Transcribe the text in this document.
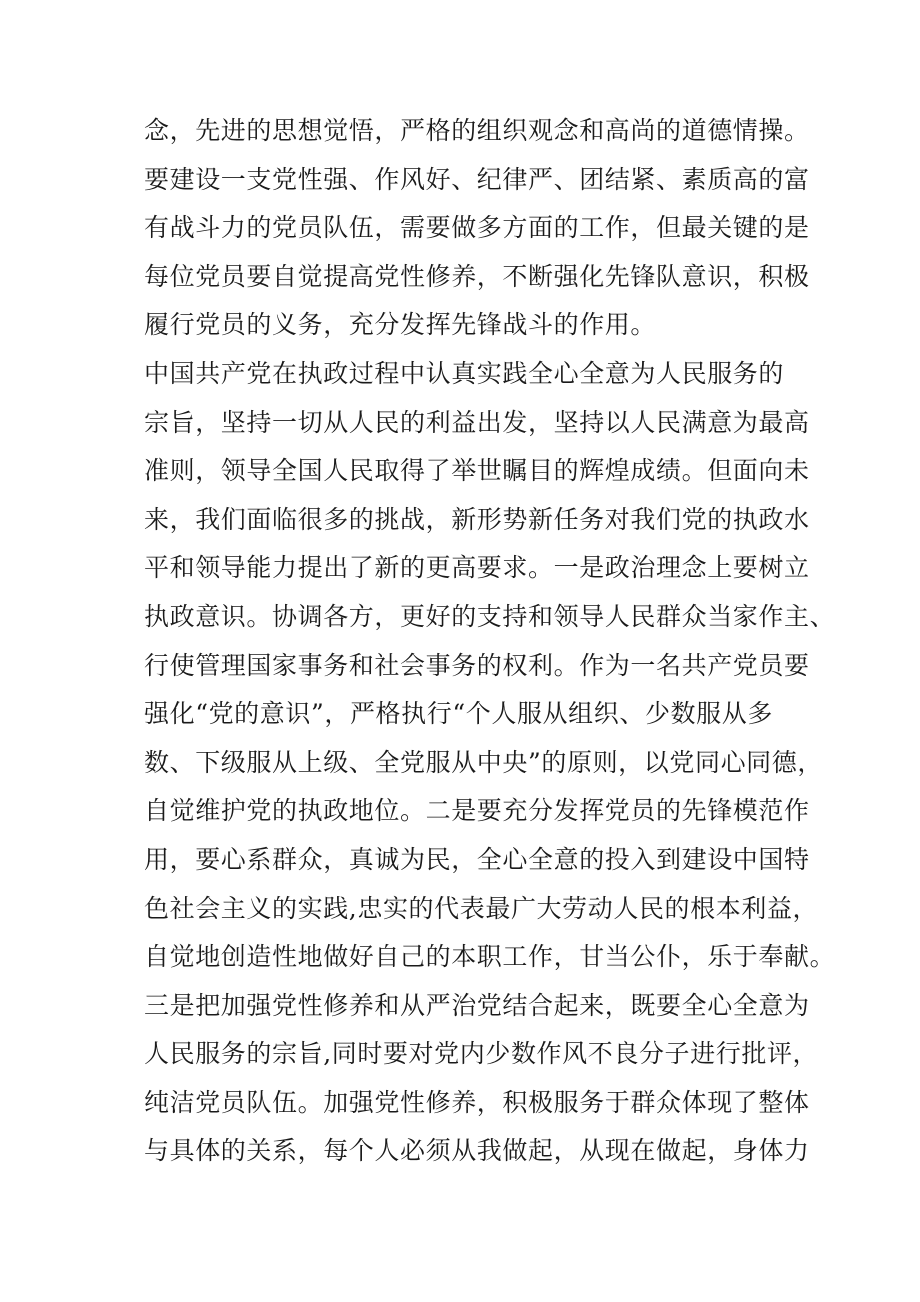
念，先进的思想觉悟，严格的组织观念和高尚的道德情操。
要建设一支党性强、作风好、纪律严、团结紧、素质高的富
有战斗力的党员队伍，需要做多方面的工作，但最关键的是
每位党员要自觉提高党性修养，不断强化先锋队意识，积极
履行党员的义务，充分发挥先锋战斗的作用。
中国共产党在执政过程中认真实践全心全意为人民服务的
宗旨，坚持一切从人民的利益出发，坚持以人民满意为最高
准则，领导全国人民取得了举世瞩目的辉煌成绩。但面向未
来，我们面临很多的挑战，新形势新任务对我们党的执政水
平和领导能力提出了新的更高要求。一是政治理念上要树立
执政意识。协调各方，更好的支持和领导人民群众当家作主、
行使管理国家事务和社会事务的权利。作为一名共产党员要
强化“党的意识”，严格执行“个人服从组织、少数服从多
数、下级服从上级、全党服从中央”的原则，以党同心同德，
自觉维护党的执政地位。二是要充分发挥党员的先锋模范作
用，要心系群众，真诚为民，全心全意的投入到建设中国特
色社会主义的实践,忠实的代表最广大劳动人民的根本利益，
自觉地创造性地做好自己的本职工作，甘当公仆，乐于奉献。
三是把加强党性修养和从严治党结合起来，既要全心全意为
人民服务的宗旨,同时要对党内少数作风不良分子进行批评，
纯洁党员队伍。加强党性修养，积极服务于群众体现了整体
与具体的关系，每个人必须从我做起，从现在做起，身体力
